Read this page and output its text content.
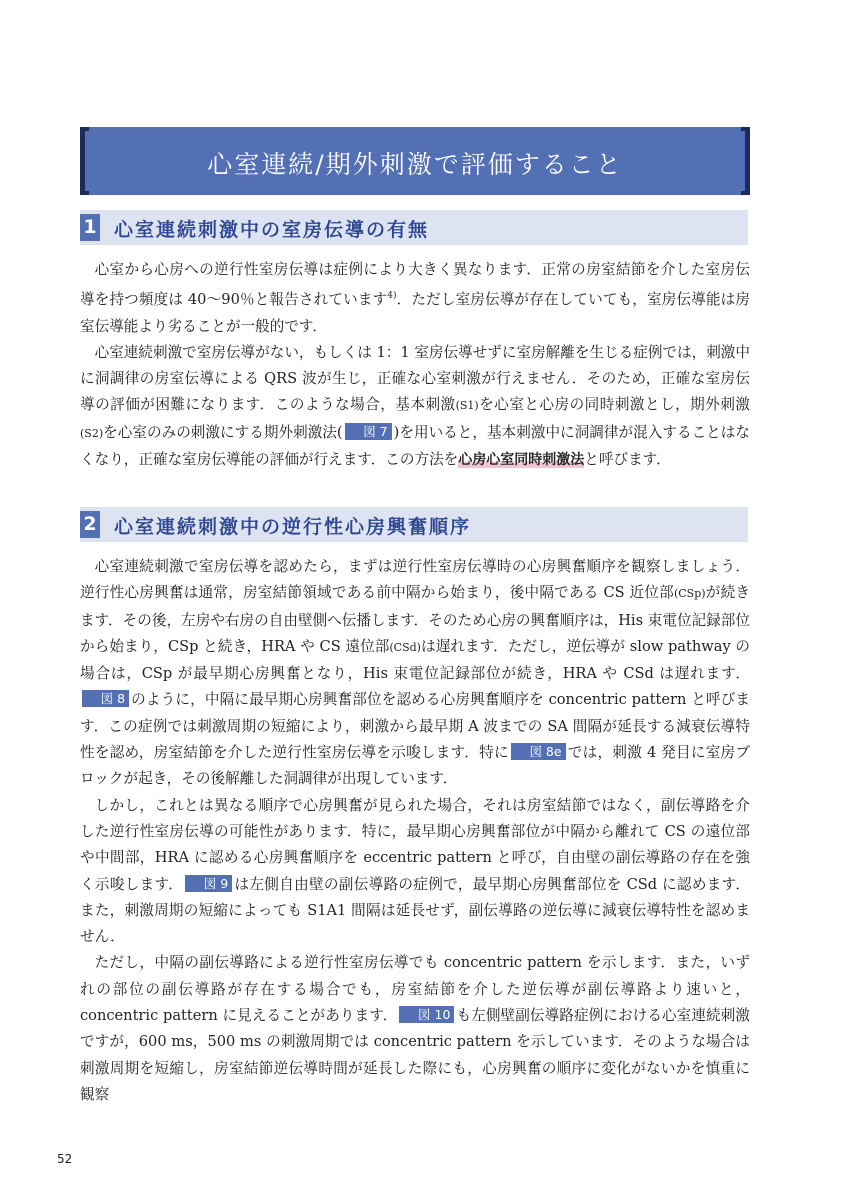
心室連続/期外刺激で評価すること
1 心室連続刺激中の室房伝導の有無

心室から心房への逆行性室房伝導は症例により大きく異なります．正常の房室結節を介した室房伝導を持つ頻度は 40～90％と報告されています$^{4)}$．ただし室房伝導が存在していても，室房伝導能は房室伝導能より劣ることが一般的です．

心室連続刺激で室房伝導がない，もしくは 1：1 室房伝導せずに室房解離を生じる症例では，刺激中に洞調律の房室伝導による QRS 波が生じ，正確な心室刺激が行えません．そのため，正確な室房伝導の評価が困難になります．このような場合，基本刺激(S1)を心室と心房の同時刺激とし，期外刺激(S2)を心室のみの刺激にする期外刺激法( 図 7 )を用いると，基本刺激中に洞調律が混入することはなくなり，正確な室房伝導能の評価が行えます．この方法を心房心室同時刺激法と呼びます．

2 心室連続刺激中の逆行性心房興奮順序

心室連続刺激で室房伝導を認めたら，まずは逆行性室房伝導時の心房興奮順序を観察しましょう．逆行性心房興奮は通常，房室結節領域である前中隔から始まり，後中隔である CS 近位部(CSp)が続きます．その後，左房や右房の自由壁側へ伝播します．そのため心房の興奮順序は，His 束電位記録部位から始まり，CSp と続き，HRA や CS 遠位部(CSd)は遅れます．ただし，逆伝導が slow pathway の場合は，CSp が最早期心房興奮となり，His 束電位記録部位が続き，HRA や CSd は遅れます．図 8 のように，中隔に最早期心房興奮部位を認める心房興奮順序を concentric pattern と呼びます．この症例では刺激周期の短縮により，刺激から最早期 A 波までの SA 間隔が延長する減衰伝導特性を認め，房室結節を介した逆行性室房伝導を示唆します．特に 図 8e では，刺激 4 発目に室房ブロックが起き，その後解離した洞調律が出現しています．

しかし，これとは異なる順序で心房興奮が見られた場合，それは房室結節ではなく，副伝導路を介した逆行性室房伝導の可能性があります．特に，最早期心房興奮部位が中隔から離れて CS の遠位部や中間部，HRA に認める心房興奮順序を eccentric pattern と呼び，自由壁の副伝導路の存在を強く示唆します． 図 9 は左側自由壁の副伝導路の症例で，最早期心房興奮部位を CSd に認めます．また，刺激周期の短縮によっても S1A1 間隔は延長せず，副伝導路の逆伝導に減衰伝導特性を認めません．

ただし，中隔の副伝導路による逆行性室房伝導でも concentric pattern を示します．また，いずれの部位の副伝導路が存在する場合でも，房室結節を介した逆伝導が副伝導路より速いと，concentric pattern に見えることがあります． 図 10 も左側壁副伝導路症例における心室連続刺激ですが，600 ms，500 ms の刺激周期では concentric pattern を示しています．そのような場合は刺激周期を短縮し，房室結節逆伝導時間が延長した際にも，心房興奮の順序に変化がないかを慎重に観察

52
